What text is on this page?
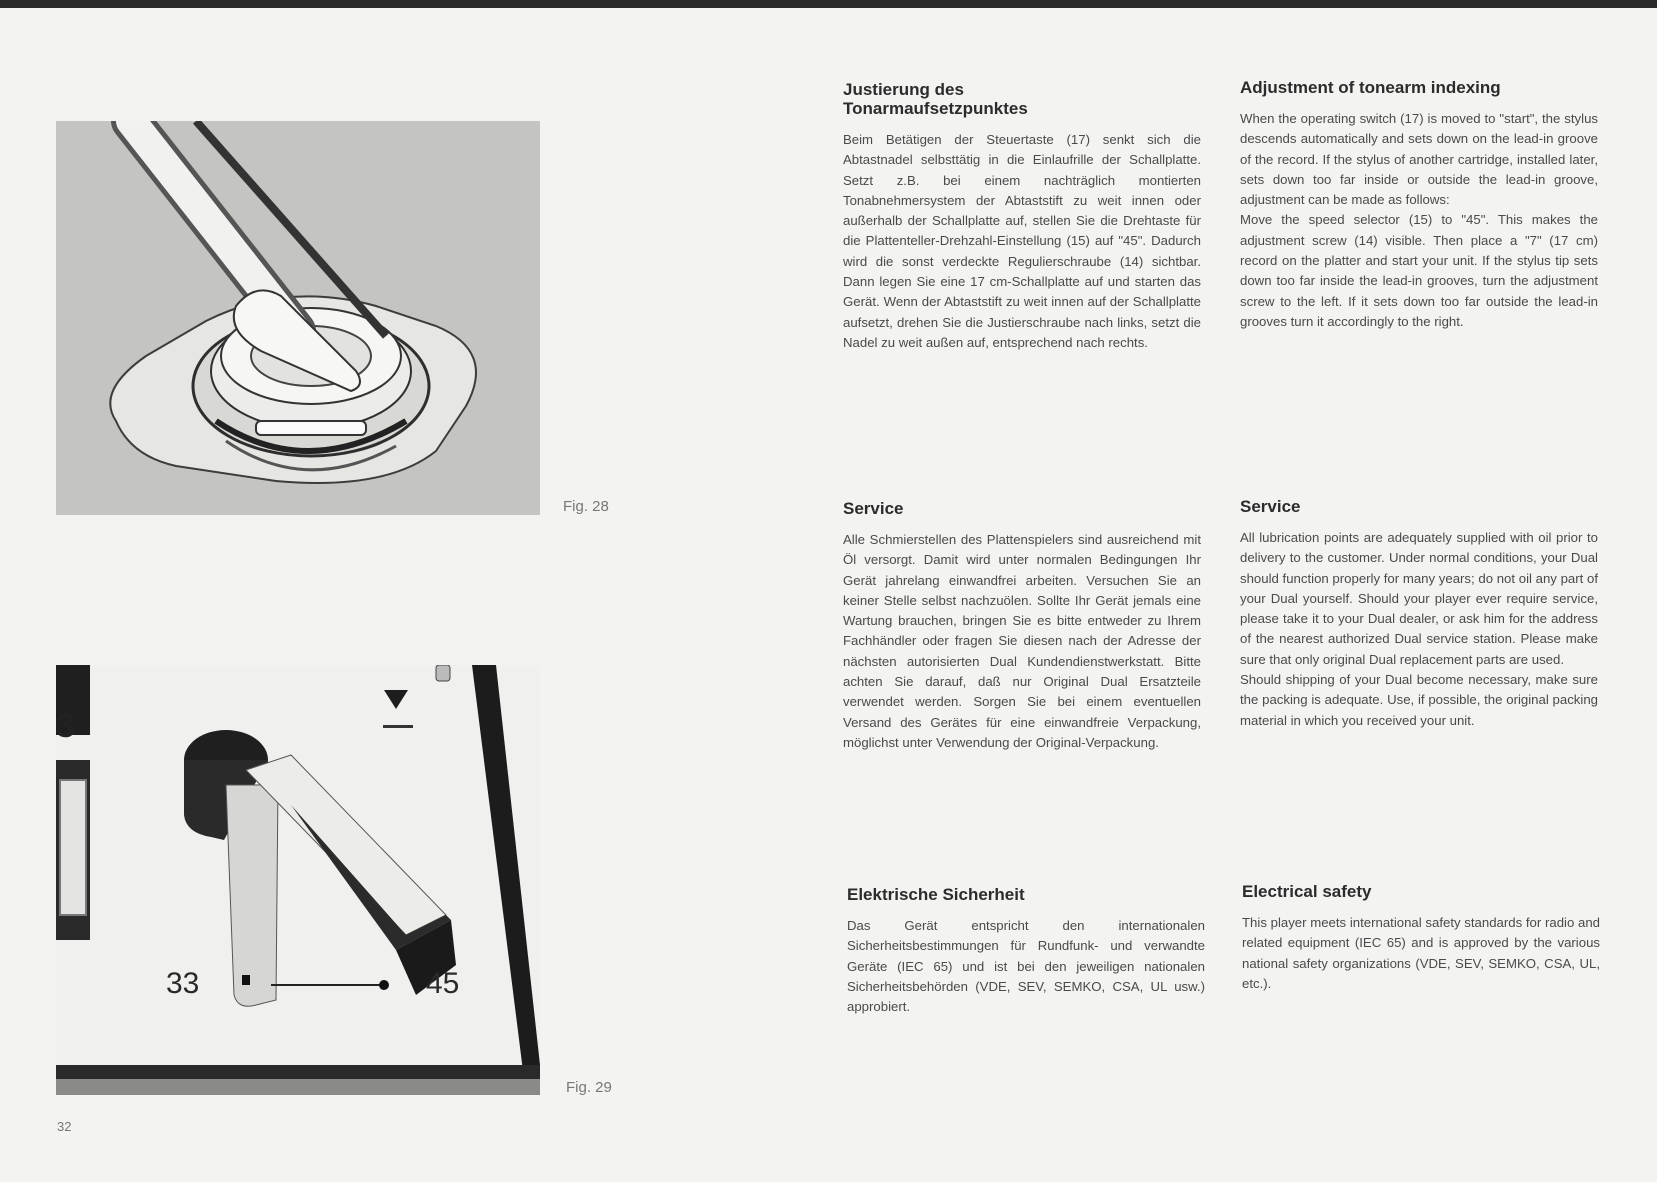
Fig. 28
3
33	45
Fig. 29
32
Justierung des
Tonarmaufsetzpunktes

Beim Betätigen der Steuertaste (17) senkt sich die Abtastnadel selbsttätig in die Einlaufrille der Schallplatte. Setzt z.B. bei einem nachträglich montierten Tonabnehmersystem der Abtaststift zu weit innen oder außerhalb der Schallplatte auf, stellen Sie die Drehtaste für die Plattenteller-Drehzahl-Einstellung (15) auf "45". Dadurch wird die sonst verdeckte Regulierschraube (14) sichtbar. Dann legen Sie eine 17 cm-Schallplatte auf und starten das Gerät. Wenn der Abtaststift zu weit innen auf der Schallplatte aufsetzt, drehen Sie die Justierschraube nach links, setzt die Nadel zu weit außen auf, entsprechend nach rechts.

Service

Alle Schmierstellen des Plattenspielers sind ausreichend mit Öl versorgt. Damit wird unter normalen Bedingungen Ihr Gerät jahrelang einwandfrei arbeiten. Versuchen Sie an keiner Stelle selbst nachzuölen. Sollte Ihr Gerät jemals eine Wartung brauchen, bringen Sie es bitte entweder zu Ihrem Fachhändler oder fragen Sie diesen nach der Adresse der nächsten autorisierten Dual Kundendienstwerkstatt. Bitte achten Sie darauf, daß nur Original Dual Ersatzteile verwendet werden. Sorgen Sie bei einem eventuellen Versand des Gerätes für eine einwandfreie Verpackung, möglichst unter Verwendung der Original-Verpackung.

Elektrische Sicherheit

Das Gerät entspricht den internationalen Sicherheitsbestimmungen für Rundfunk- und verwandte Geräte (IEC 65) und ist bei den jeweiligen nationalen Sicherheitsbehörden (VDE, SEV, SEMKO, CSA, UL usw.) approbiert.

Adjustment of tonearm indexing

When the operating switch (17) is moved to "start", the stylus descends automatically and sets down on the lead-in groove of the record. If the stylus of another cartridge, installed later, sets down too far inside or outside the lead-in groove, adjustment can be made as follows:
Move the speed selector (15) to "45". This makes the adjustment screw (14) visible. Then place a "7" (17 cm) record on the platter and start your unit. If the stylus tip sets down too far inside the lead-in grooves, turn the adjustment screw to the left. If it sets down too far outside the lead-in grooves turn it accordingly to the right.

Service

All lubrication points are adequately supplied with oil prior to delivery to the customer. Under normal conditions, your Dual should function properly for many years; do not oil any part of your Dual yourself. Should your player ever require service, please take it to your Dual dealer, or ask him for the address of the nearest authorized Dual service station. Please make sure that only original Dual replacement parts are used.
Should shipping of your Dual become necessary, make sure the packing is adequate. Use, if possible, the original packing material in which you received your unit.

Electrical safety

This player meets international safety standards for radio and related equipment (IEC 65) and is approved by the various national safety organizations (VDE, SEV, SEMKO, CSA, UL, etc.).
